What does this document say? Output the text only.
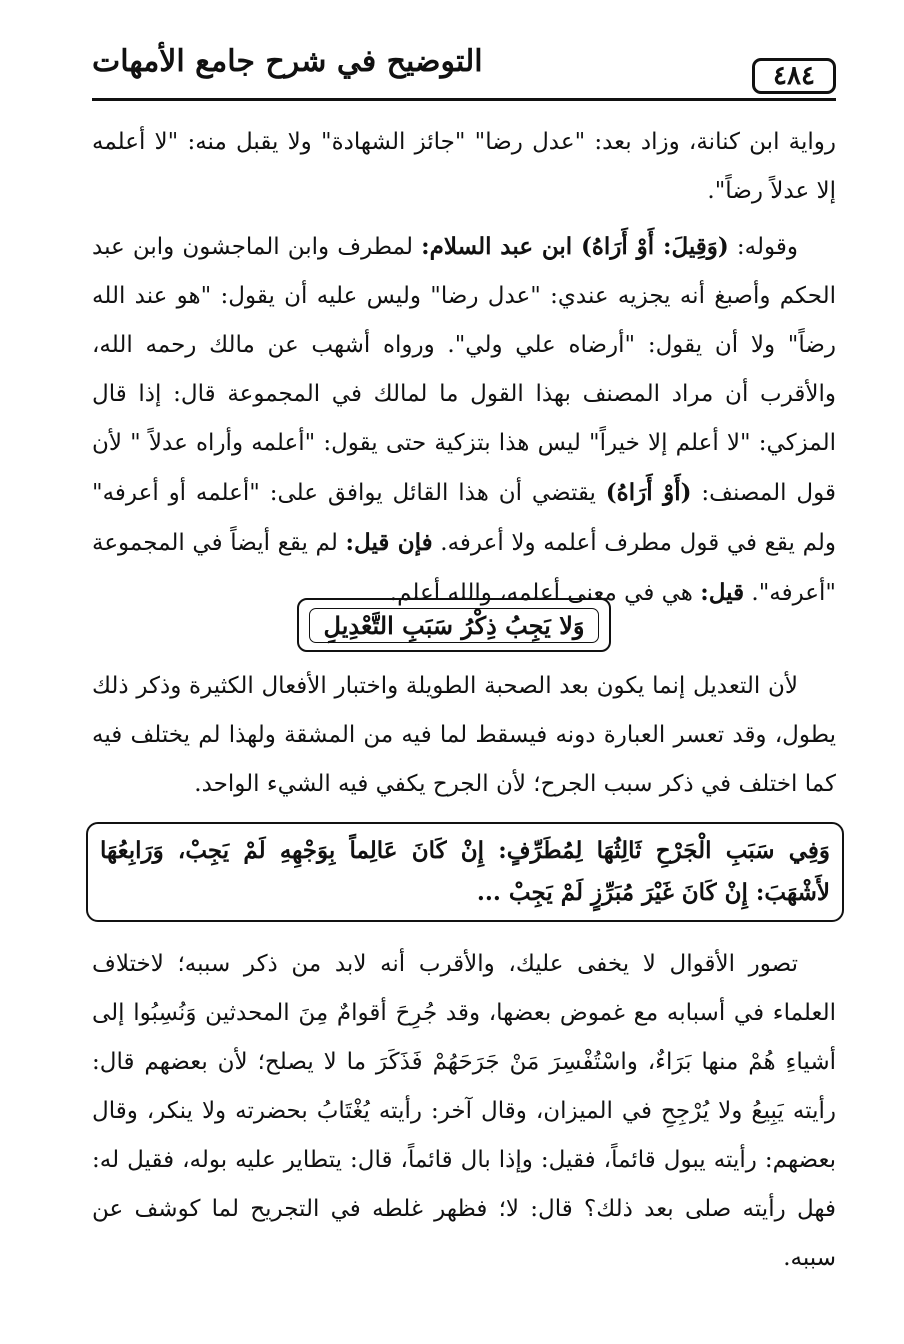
التوضيح في شرح جامع الأمهات	٤٨٤

رواية ابن كنانة، وزاد بعد: "عدل رضا" "جائز الشهادة" ولا يقبل منه: "لا أعلمه إلا عدلاً رضاً".

وقوله: (وَقِيلَ: أَوْ أَرَاهُ) ابن عبد السلام: لمطرف وابن الماجشون وابن عبد الحكم وأصبغ أنه يجزيه عندي: "عدل رضا" وليس عليه أن يقول: "هو عند الله رضاً" ولا أن يقول: "أرضاه علي ولي". ورواه أشهب عن مالك رحمه الله، والأقرب أن مراد المصنف بهذا القول ما لمالك في المجموعة قال: إذا قال المزكي: "لا أعلم إلا خيراً" ليس هذا بتزكية حتى يقول: "أعلمه وأراه عدلاً " لأن قول المصنف: (أَوْ أَرَاهُ) يقتضي أن هذا القائل يوافق على: "أعلمه أو أعرفه" ولم يقع في قول مطرف أعلمه ولا أعرفه. فإن قيل: لم يقع أيضاً في المجموعة "أعرفه". قيل: هي في معنى أعلمه، والله أعلم.

وَلا يَجِبُ ذِكْرُ سَبَبِ التَّعْدِيلِ

لأن التعديل إنما يكون بعد الصحبة الطويلة واختبار الأفعال الكثيرة وذكر ذلك يطول، وقد تعسر العبارة دونه فيسقط لما فيه من المشقة ولهذا لم يختلف فيه كما اختلف في ذكر سبب الجرح؛ لأن الجرح يكفي فيه الشيء الواحد.

وَفِي سَبَبِ الْجَرْحِ ثَالِثُهَا لِمُطَرِّفٍ: إِنْ كَانَ عَالِماً بِوَجْهِهِ لَمْ يَجِبْ، وَرَابِعُهَا لأَشْهَبَ: إِنْ كَانَ غَيْرَ مُبَرِّزٍ لَمْ يَجِبْ ...

تصور الأقوال لا يخفى عليك، والأقرب أنه لابد من ذكر سببه؛ لاختلاف العلماء في أسبابه مع غموض بعضها، وقد جُرِحَ أقوامٌ مِنَ المحدثين وَنُسِبُوا إلى أشياءِ هُمْ منها بَرَاءٌ، واسْتُفْسِرَ مَنْ جَرَحَهُمْ فَذَكَرَ ما لا يصلح؛ لأن بعضهم قال: رأيته يَبِيعُ ولا يُرْجِحِ في الميزان، وقال آخر: رأيته يُغْتَابُ بحضرته ولا ينكر، وقال بعضهم: رأيته يبول قائماً، فقيل: وإذا بال قائماً، قال: يتطاير عليه بوله، فقيل له: فهل رأيته صلى بعد ذلك؟ قال: لا؛ فظهر غلطه في التجريح لما كوشف عن سببه.
